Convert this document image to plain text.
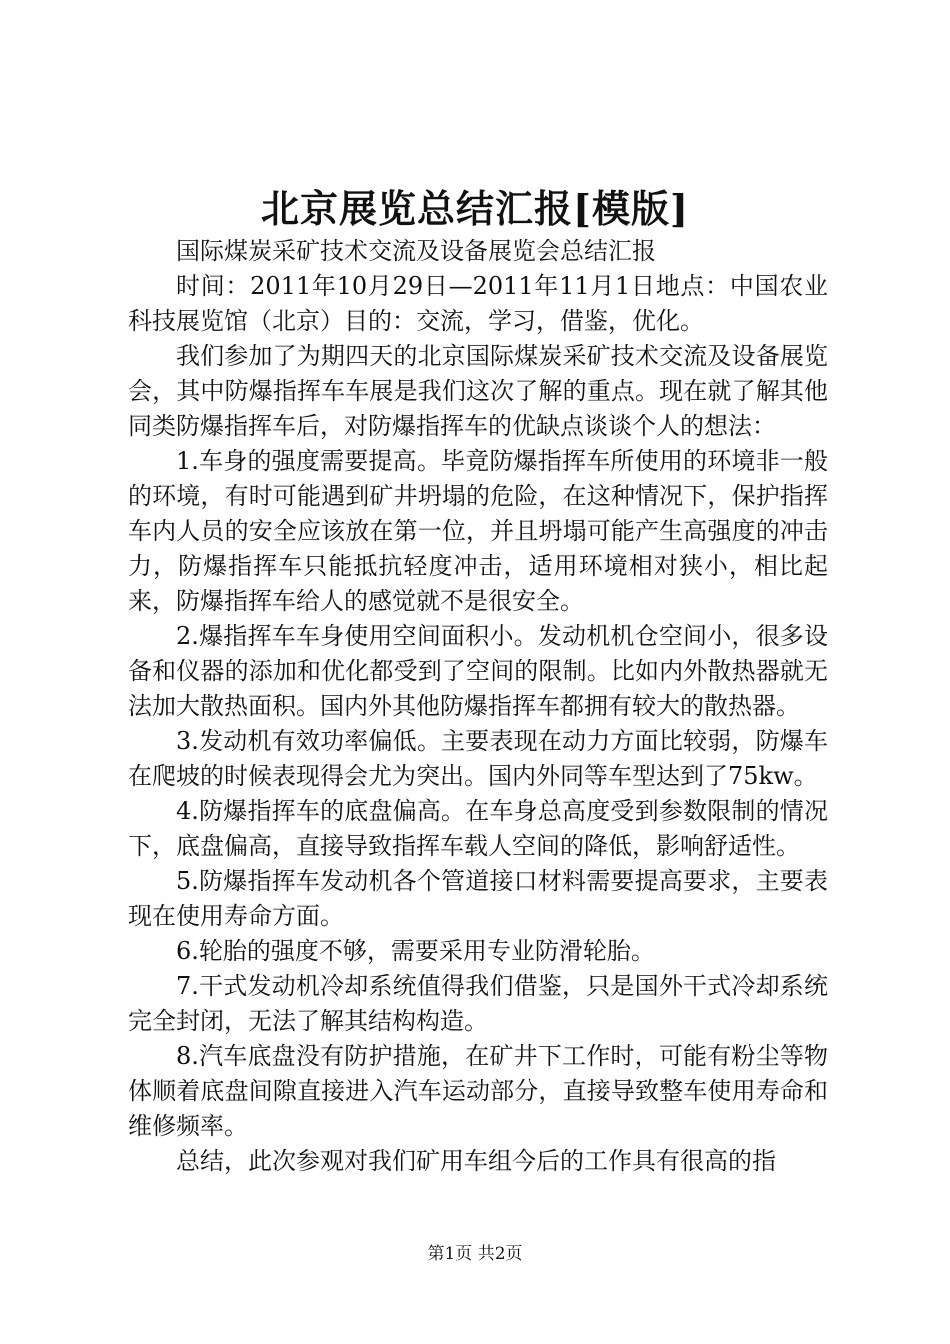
北京展览总结汇报[模版]

国际煤炭采矿技术交流及设备展览会总结汇报

时间：2011年10月29日—2011年11月1日地点：中国农业科技展览馆（北京）目的：交流，学习，借鉴，优化。

我们参加了为期四天的北京国际煤炭采矿技术交流及设备展览会，其中防爆指挥车车展是我们这次了解的重点。现在就了解其他同类防爆指挥车后，对防爆指挥车的优缺点谈谈个人的想法：

1.车身的强度需要提高。毕竟防爆指挥车所使用的环境非一般的环境，有时可能遇到矿井坍塌的危险，在这种情况下，保护指挥车内人员的安全应该放在第一位，并且坍塌可能产生高强度的冲击力，防爆指挥车只能抵抗轻度冲击，适用环境相对狭小，相比起来，防爆指挥车给人的感觉就不是很安全。

2.爆指挥车车身使用空间面积小。发动机机仓空间小，很多设备和仪器的添加和优化都受到了空间的限制。比如内外散热器就无法加大散热面积。国内外其他防爆指挥车都拥有较大的散热器。

3.发动机有效功率偏低。主要表现在动力方面比较弱，防爆车在爬坡的时候表现得会尤为突出。国内外同等车型达到了75kw。

4.防爆指挥车的底盘偏高。在车身总高度受到参数限制的情况下，底盘偏高，直接导致指挥车载人空间的降低，影响舒适性。

5.防爆指挥车发动机各个管道接口材料需要提高要求，主要表现在使用寿命方面。

6.轮胎的强度不够，需要采用专业防滑轮胎。

7.干式发动机冷却系统值得我们借鉴，只是国外干式冷却系统完全封闭，无法了解其结构构造。

8.汽车底盘没有防护措施，在矿井下工作时，可能有粉尘等物体顺着底盘间隙直接进入汽车运动部分，直接导致整车使用寿命和维修频率。

总结，此次参观对我们矿用车组今后的工作具有很高的指

第1页 共2页
